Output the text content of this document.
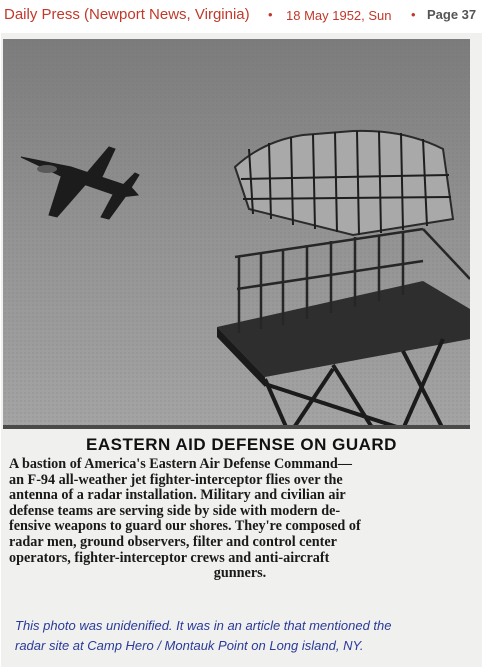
Daily Press (Newport News, Virginia) • 18 May 1952, Sun • Page 37
EASTERN AID DEFENSE ON GUARD
A bastion of America's Eastern Air Defense Command—
an F-94 all-weather jet fighter-interceptor flies over the
antenna of a radar installation. Military and civilian air
defense teams are serving side by side with modern de-
fensive weapons to guard our shores. They're composed of
radar men, ground observers, filter and control center
operators, fighter-interceptor crews and anti-aircraft
gunners.
This photo was unidenified. It was in an article that mentioned the
radar site at Camp Hero / Montauk Point on Long island, NY.
